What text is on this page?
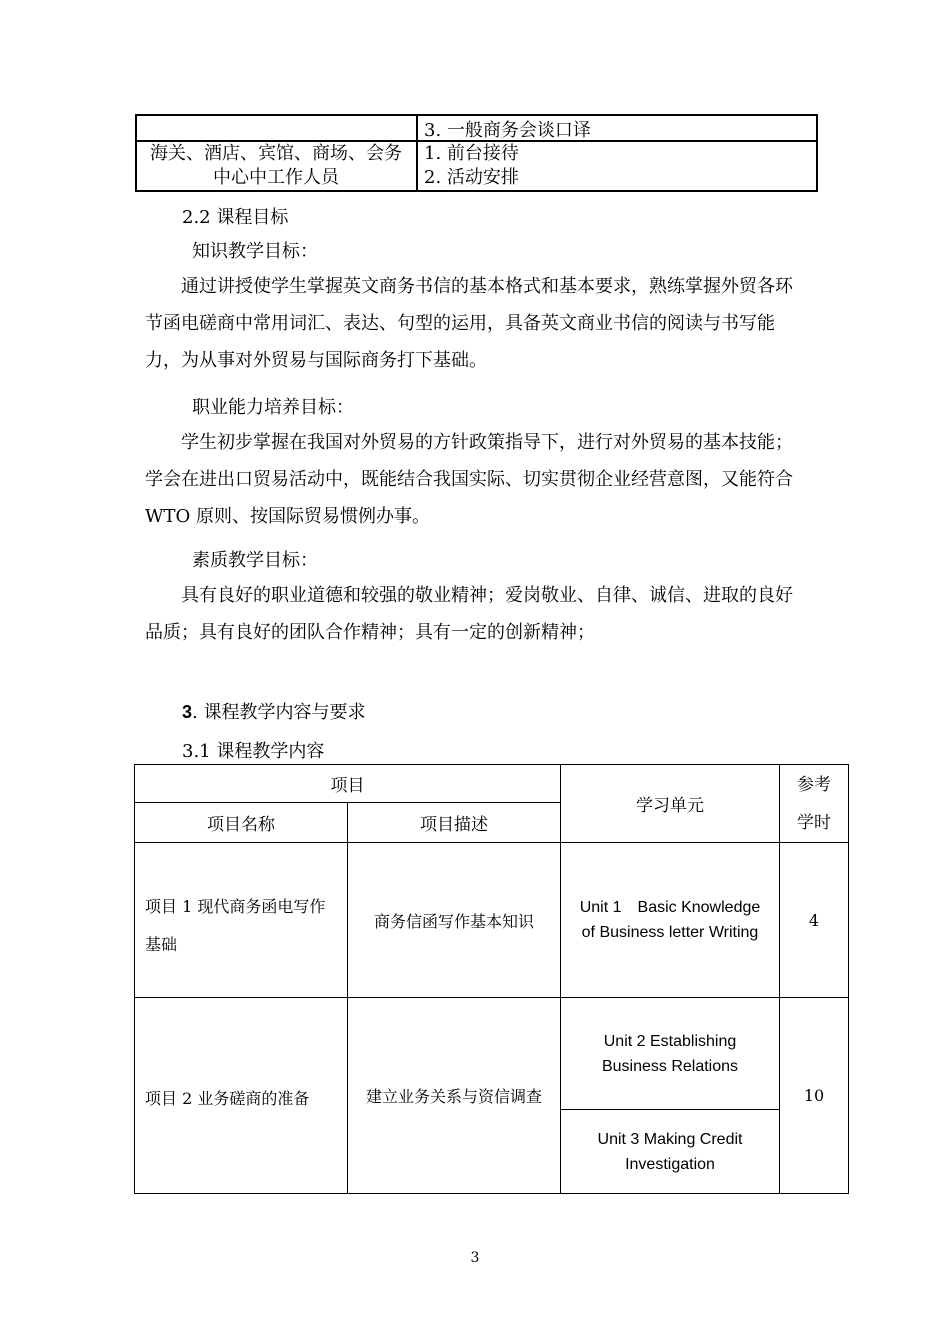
3. 一般商务会谈口译
海关、酒店、宾馆、商场、会务
中心中工作人员
1. 前台接待
2. 活动安排
2.2 课程目标
知识教学目标：
通过讲授使学生掌握英文商务书信的基本格式和基本要求，熟练掌握外贸各环节函电磋商中常用词汇、表达、句型的运用，具备英文商业书信的阅读与书写能力，为从事对外贸易与国际商务打下基础。
职业能力培养目标：
学生初步掌握在我国对外贸易的方针政策指导下，进行对外贸易的基本技能；学会在进出口贸易活动中，既能结合我国实际、切实贯彻企业经营意图，又能符合 WTO 原则、按国际贸易惯例办事。
素质教学目标：
具有良好的职业道德和较强的敬业精神；爱岗敬业、自律、诚信、进取的良好品质；具有良好的团队合作精神；具有一定的创新精神；
3. 课程教学内容与要求
3.1 课程教学内容
项目
学习单元
参考
学时
项目名称	项目描述
项目 1 现代商务函电写作
基础
商务信函写作基本知识
Unit 1　Basic Knowledge
of Business letter Writing
4
项目 2 业务磋商的准备	建立业务关系与资信调查
Unit 2 Establishing
Business Relations
Unit 3 Making Credit
Investigation
10
3
